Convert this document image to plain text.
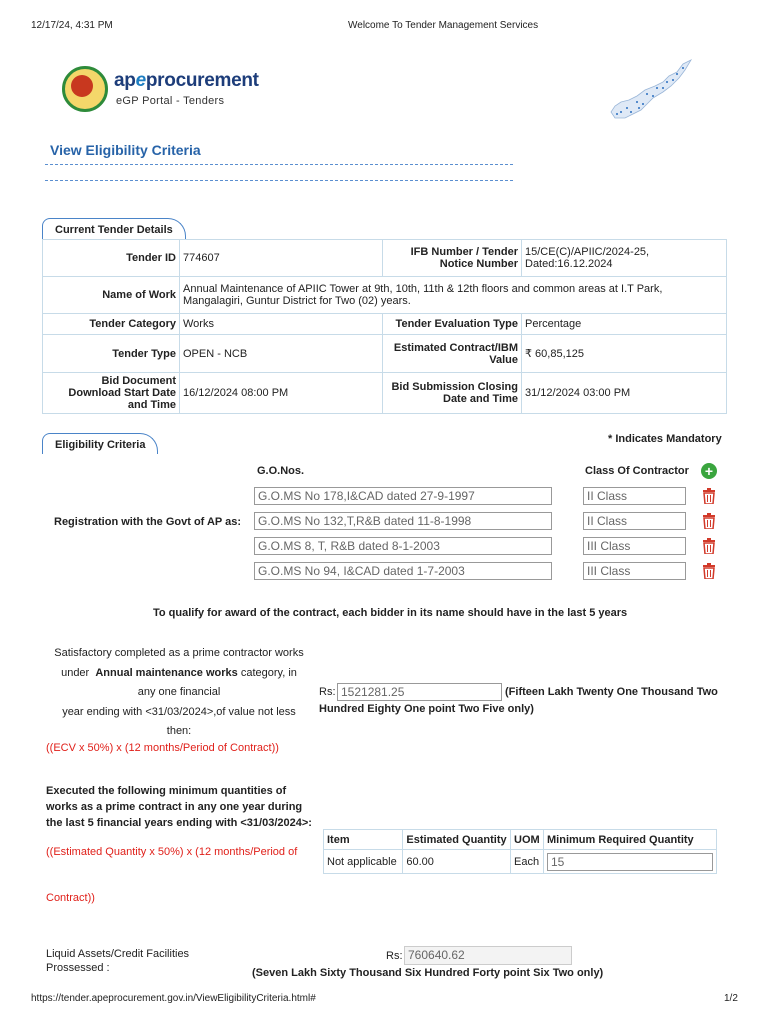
12/17/24, 4:31 PM	Welcome To Tender Management Services
apeprocurement
eGP Portal - Tenders
View Eligibility Criteria
Current Tender Details
Tender ID	774607	IFB Number / Tender Notice Number	15/CE(C)/APIIC/2024-25, Dated:16.12.2024
Name of Work	Annual Maintenance of APIIC Tower at 9th, 10th, 11th & 12th floors and common areas at I.T Park, Mangalagiri, Guntur District for Two (02) years.		
Tender Category	Works	Tender Evaluation Type	Percentage
Tender Type	OPEN - NCB	Estimated Contract/IBM Value	₹ 60,85,125
Bid Document Download Start Date and Time	16/12/2024 08:00 PM	Bid Submission Closing Date and Time	31/12/2024 03:00 PM
Eligibility Criteria	* Indicates Mandatory
G.O.Nos.	Class Of Contractor +
Registration with the Govt of AP as:
G.O.MS No 178,I&CAD dated 27-9-1997	II Class
G.O.MS No 132,T,R&B dated 11-8-1998	II Class
G.O.MS 8, T, R&B dated 8-1-2003	III Class
G.O.MS No 94, I&CAD dated 1-7-2003	III Class
To qualify for award of the contract, each bidder in its name should have in the last 5 years
Satisfactory completed as a prime contractor works
under Annual maintenance works category, in
any one financial
year ending with <31/03/2024>,of value not less
then:
((ECV x 50%) x (12 months/Period of Contract))
Rs: 1521281.25	(Fifteen Lakh Twenty One Thousand Two
Hundred Eighty One point Two Five only)
Executed the following minimum quantities of
works as a prime contract in any one year during
the last 5 financial years ending with <31/03/2024>:
((Estimated Quantity x 50%) x (12 months/Period of
Contract))
Item	Estimated Quantity	UOM	Minimum Required Quantity
Not applicable	60.00	Each	15
Liquid Assets/Credit Facilities
Prossessed :
Rs: 760640.62
(Seven Lakh Sixty Thousand Six Hundred Forty point Six Two only)
https://tender.apeprocurement.gov.in/ViewEligibilityCriteria.html#	1/2
